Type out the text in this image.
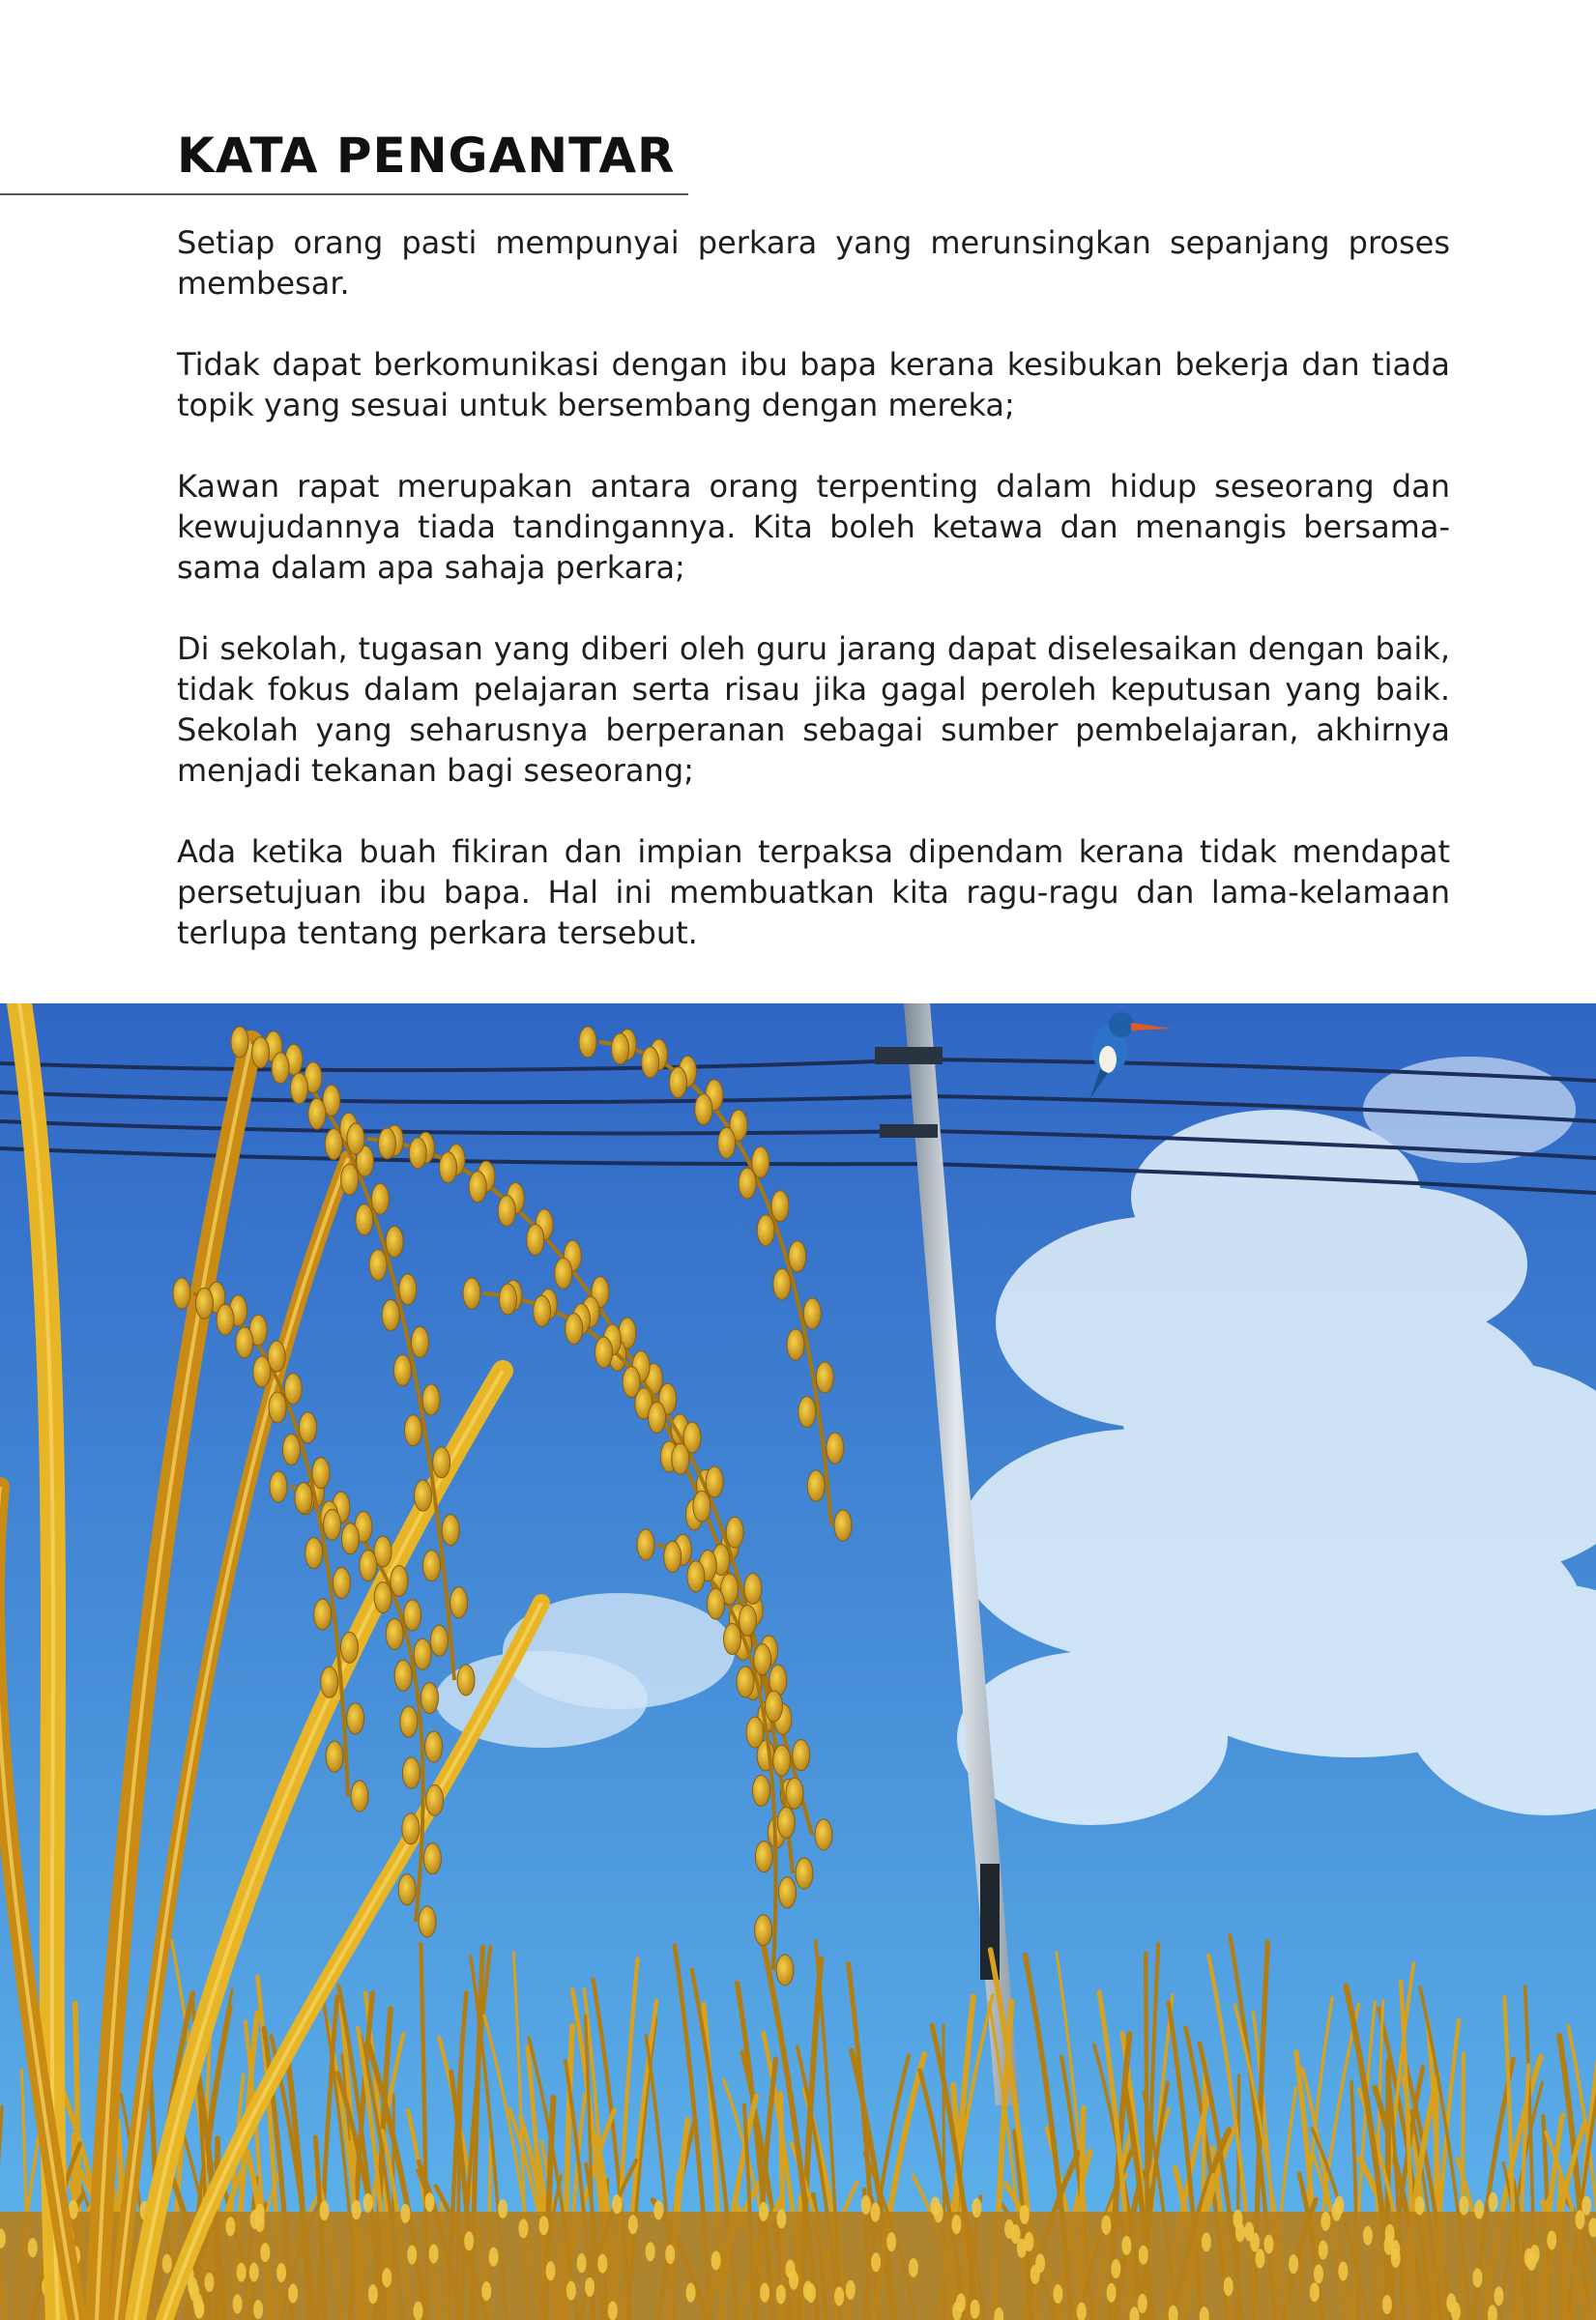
KATA PENGANTAR

Setiap orang pasti mempunyai perkara yang merunsingkan sepanjang proses membesar.

Tidak dapat berkomunikasi dengan ibu bapa kerana kesibukan bekerja dan tiada topik yang sesuai untuk bersembang dengan mereka;

Kawan rapat merupakan antara orang terpenting dalam hidup seseorang dan kewujudannya tiada tandingannya. Kita boleh ketawa dan menangis bersama-sama dalam apa sahaja perkara;

Di sekolah, tugasan yang diberi oleh guru jarang dapat diselesaikan dengan baik, tidak fokus dalam pelajaran serta risau jika gagal peroleh keputusan yang baik. Sekolah yang seharusnya berperanan sebagai sumber pembelajaran, akhirnya menjadi tekanan bagi seseorang;

Ada ketika buah fikiran dan impian terpaksa dipendam kerana tidak mendapat persetujuan ibu bapa. Hal ini membuatkan kita ragu-ragu dan lama-kelamaan terlupa tentang perkara tersebut.
